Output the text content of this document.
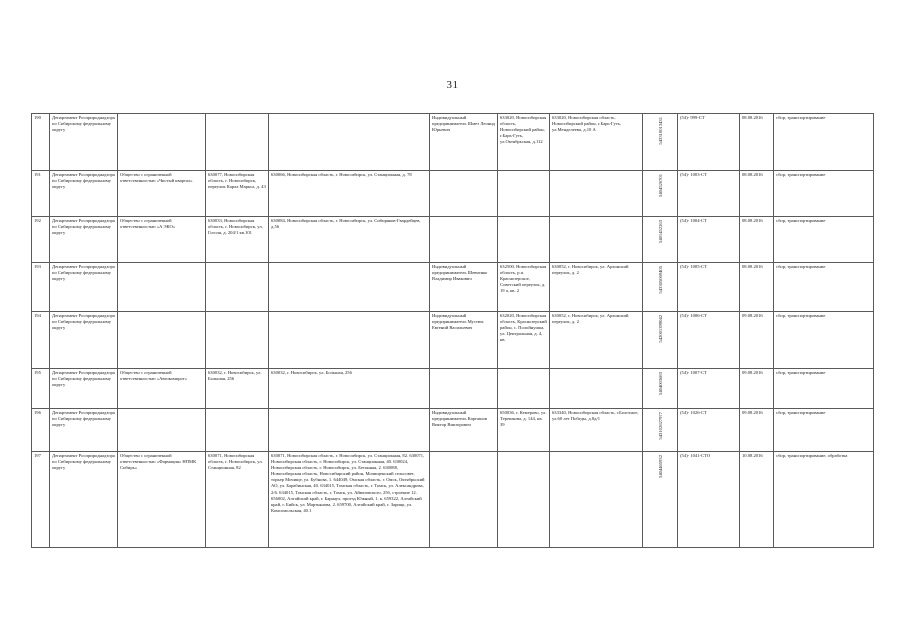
31
190	Департамент Росприроднадзора по Сибирскому федеральному округу				Индивидуальный предприниматель Шмет Леонид Юрьевич	633020, Новосибирская область, Новосибирский район, г.Барь-Гуть, ул.Октябрьская, д.112	633020, Новосибирская область, Новосибирский район, г.Барь-Гуть, ул.Менделеева, д.10 А	543310013431	(54)- 999-СТ	08.08.2016	сбор, транспортирование
191	Департамент Росприроднадзора по Сибирскому федеральному округу	Общество с ограниченной ответственностью «Чистый квартал»	630077, Новосибирская область, г. Новосибирск, переулок Карла Маркса, д. 43	630066, Новосибирская область, г. Новосибирск, ул. Станционная, д. 78				5404526701	(54)- 1003-СТ	08.08.2016	сбор, транспортирование
192	Департамент Росприроднадзора по Сибирскому федеральному округу	Общество с ограниченной ответственностью «А ЭКО»	630033, Новосибирская область, г. Новосибирск, ул. Гоголя, д. 204/1 кв.101	630084, Новосибирская область, г. Новосибирск, ул. Сибиряков-Гвардейцев, д.56				5401452263	(54)- 1004-СТ	08.08.2016	сбор, транспортирование
193	Департамент Росприроднадзора по Сибирскому федеральному округу				Индивидуальный предприниматель Шевченко Владимир Ивакович	632500, Новосибирская область, р.п. Краснозерское, Советский переулок, д. 19 а, кв. 2	630052, г. Новосибирск, ул. Архонский переулок, д. 2	543305069405	(54)- 1005-СТ	08.08.2016	сбор, транспортирование
194	Департамент Росприроднадзора по Сибирскому федеральному округу				Индивидуальный предприниматель Мустюк Евгений Васильевич	632020, Новосибирская область, Краснозерский район, с. Полойнушка, ул. Центральная, д. 4, кв.	630052, г. Новосибирск, ул. Архонский переулок, д. 2	542001399042	(54)- 1006-СТ	09.08.2016	сбор, транспортирование
195	Департамент Росприроднадзора по Сибирскому федеральному округу	Общество с ограниченной ответственностью «Автокомпрот»	630032, г. Новосибирск, ул. Большая, 256	630032, г. Новосибирск, ул. Большая, 256				5404003683	(54)- 1007-СТ	09.08.2016	сбор, транспортирование
196	Департамент Росприроднадзора по Сибирскому федеральному округу				Индивидуальный предприниматель Карташов Виктор Викторович	650036, г. Кемерово, ул. Терешкова, д. 144, кв. 39	633340, Новосибирская область, г.Болотное, ул.60 лет Победы, д.8д/1	543102627977	(54)- 1026-СТ	09.08.2016	сбор, транспортирование
197	Департамент Росприроднадзора по Сибирскому федеральному округу	Общество с ограниченной ответственностью «Фармация» НПМК Сибирь»	630071, Новосибирская область, г. Новосибирск, ул. Станционная, 82	630071, Новосибирская область, г. Новосибирск, ул. Станционная, 82. 630071, Новосибирская область, г. Новосибирск, ул. Станционная, 40. 630024, Новосибирская область, г. Новосибирск, ул. Бетонная, 2. 630088, Новосибирская область, Новосибирский район, Мочищенский сельсовет, торьер Мочище, ул. Бубнова, 1. 644049, Омская область, г. Омск, Октябрьский АО, ул. Барабинская, 40. 634015, Томская область, г. Томск, ул. Александрова, 2/6. 634015, Томская область, г. Томск, ул. Айвазовского, 25б, строение 12. 656002, Алтайский край, г. Барнаул, проезд Южный, 1. к. 659322, Алтайский край, г. Бийск, ул. Мартьянова, 2. 659700, Алтайский край, г. Зарицк, ул. Комсомольская, 40.1				5404465932	(54)- 1041-СТО	10.08.2016	сбор, транспортирование, обработка
